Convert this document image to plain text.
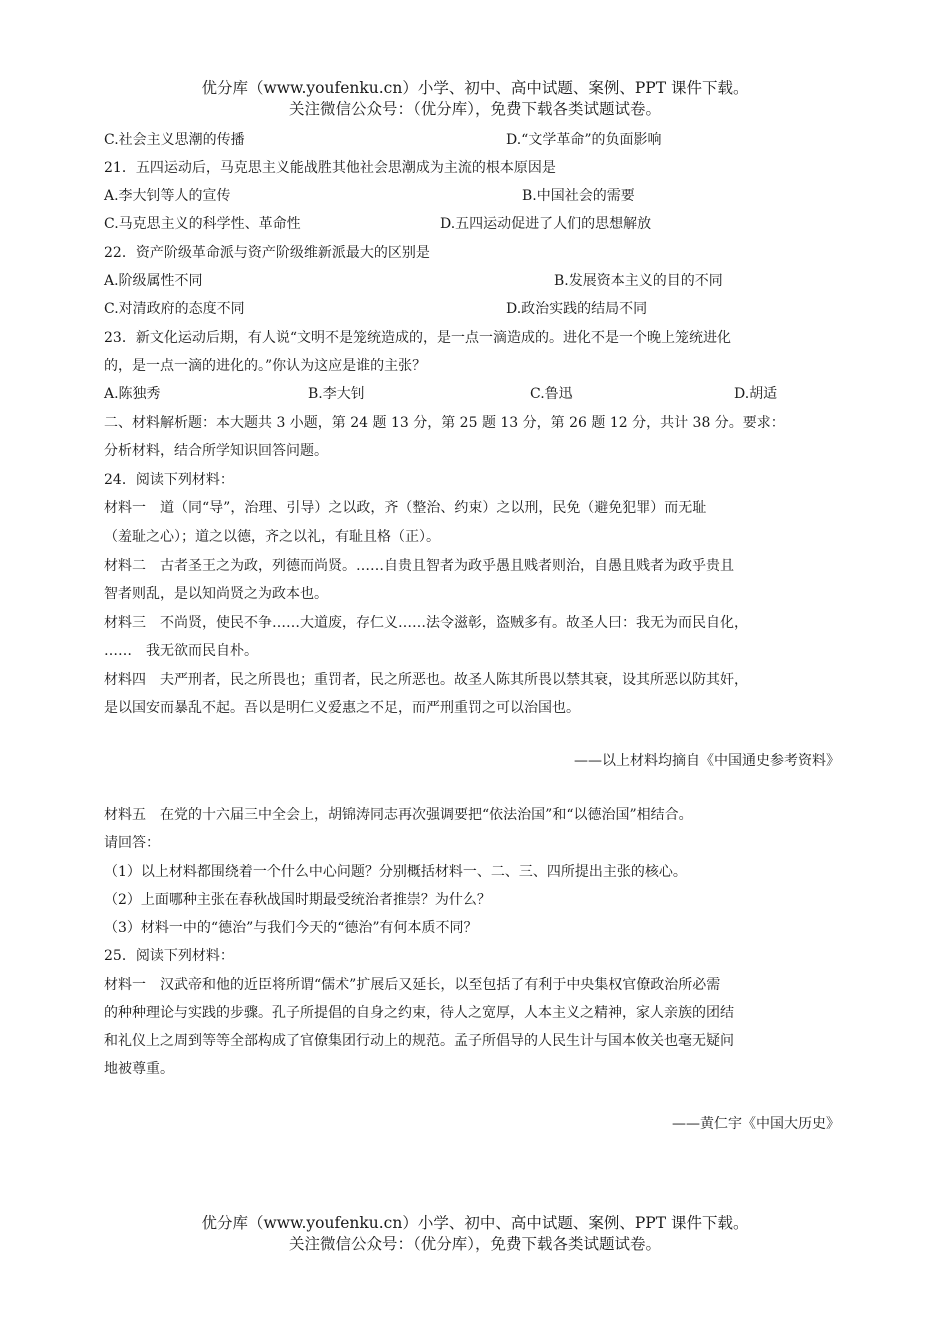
优分库（www.youfenku.cn）小学、初中、高中试题、案例、PPT 课件下载。
关注微信公众号：（优分库），免费下载各类试题试卷。
C.社会主义思潮的传播	D.“文学革命”的负面影响
21．五四运动后，马克思主义能战胜其他社会思潮成为主流的根本原因是
A.李大钊等人的宣传	B.中国社会的需要
C.马克思主义的科学性、革命性	D.五四运动促进了人们的思想解放
22．资产阶级革命派与资产阶级维新派最大的区别是
A.阶级属性不同	B.发展资本主义的目的不同
C.对清政府的态度不同	D.政治实践的结局不同
23．新文化运动后期，有人说“文明不是笼统造成的，是一点一滴造成的。进化不是一个晚上笼统进化
的，是一点一滴的进化的。”你认为这应是谁的主张？
A.陈独秀	B.李大钊	C.鲁迅	D.胡适
二、材料解析题：本大题共 3 小题，第 24 题 13 分，第 25 题 13 分，第 26 题 12 分，共计 38 分。要求：
分析材料，结合所学知识回答问题。
24．阅读下列材料：
材料一　道（同“导”，治理、引导）之以政，齐（整治、约束）之以刑，民免（避免犯罪）而无耻
（羞耻之心）；道之以德，齐之以礼，有耻且格（正）。
材料二　古者圣王之为政，列德而尚贤。……自贵且智者为政乎愚且贱者则治，自愚且贱者为政乎贵且
智者则乱，是以知尚贤之为政本也。
材料三　不尚贤，使民不争……大道废，存仁义……法令滋彰，盗贼多有。故圣人曰：我无为而民自化，
……　我无欲而民自朴。
材料四　夫严刑者，民之所畏也；重罚者，民之所恶也。故圣人陈其所畏以禁其衰，设其所恶以防其奸，
是以国安而暴乱不起。吾以是明仁义爱惠之不足，而严刑重罚之可以治国也。
——以上材料均摘自《中国通史参考资料》
材料五　在党的十六届三中全会上，胡锦涛同志再次强调要把“依法治国”和“以德治国”相结合。
请回答：
（1）以上材料都围绕着一个什么中心问题？分别概括材料一、二、三、四所提出主张的核心。
（2）上面哪种主张在春秋战国时期最受统治者推崇？为什么？
（3）材料一中的“德治”与我们今天的“德治”有何本质不同？
25．阅读下列材料：
材料一　汉武帝和他的近臣将所谓“儒术”扩展后又延长，以至包括了有利于中央集权官僚政治所必需
的种种理论与实践的步骤。孔子所提倡的自身之约束，待人之宽厚，人本主义之精神，家人亲族的团结
和礼仪上之周到等等全部构成了官僚集团行动上的规范。孟子所倡导的人民生计与国本攸关也毫无疑问
地被尊重。
——黄仁宇《中国大历史》
优分库（www.youfenku.cn）小学、初中、高中试题、案例、PPT 课件下载。
关注微信公众号：（优分库），免费下载各类试题试卷。
